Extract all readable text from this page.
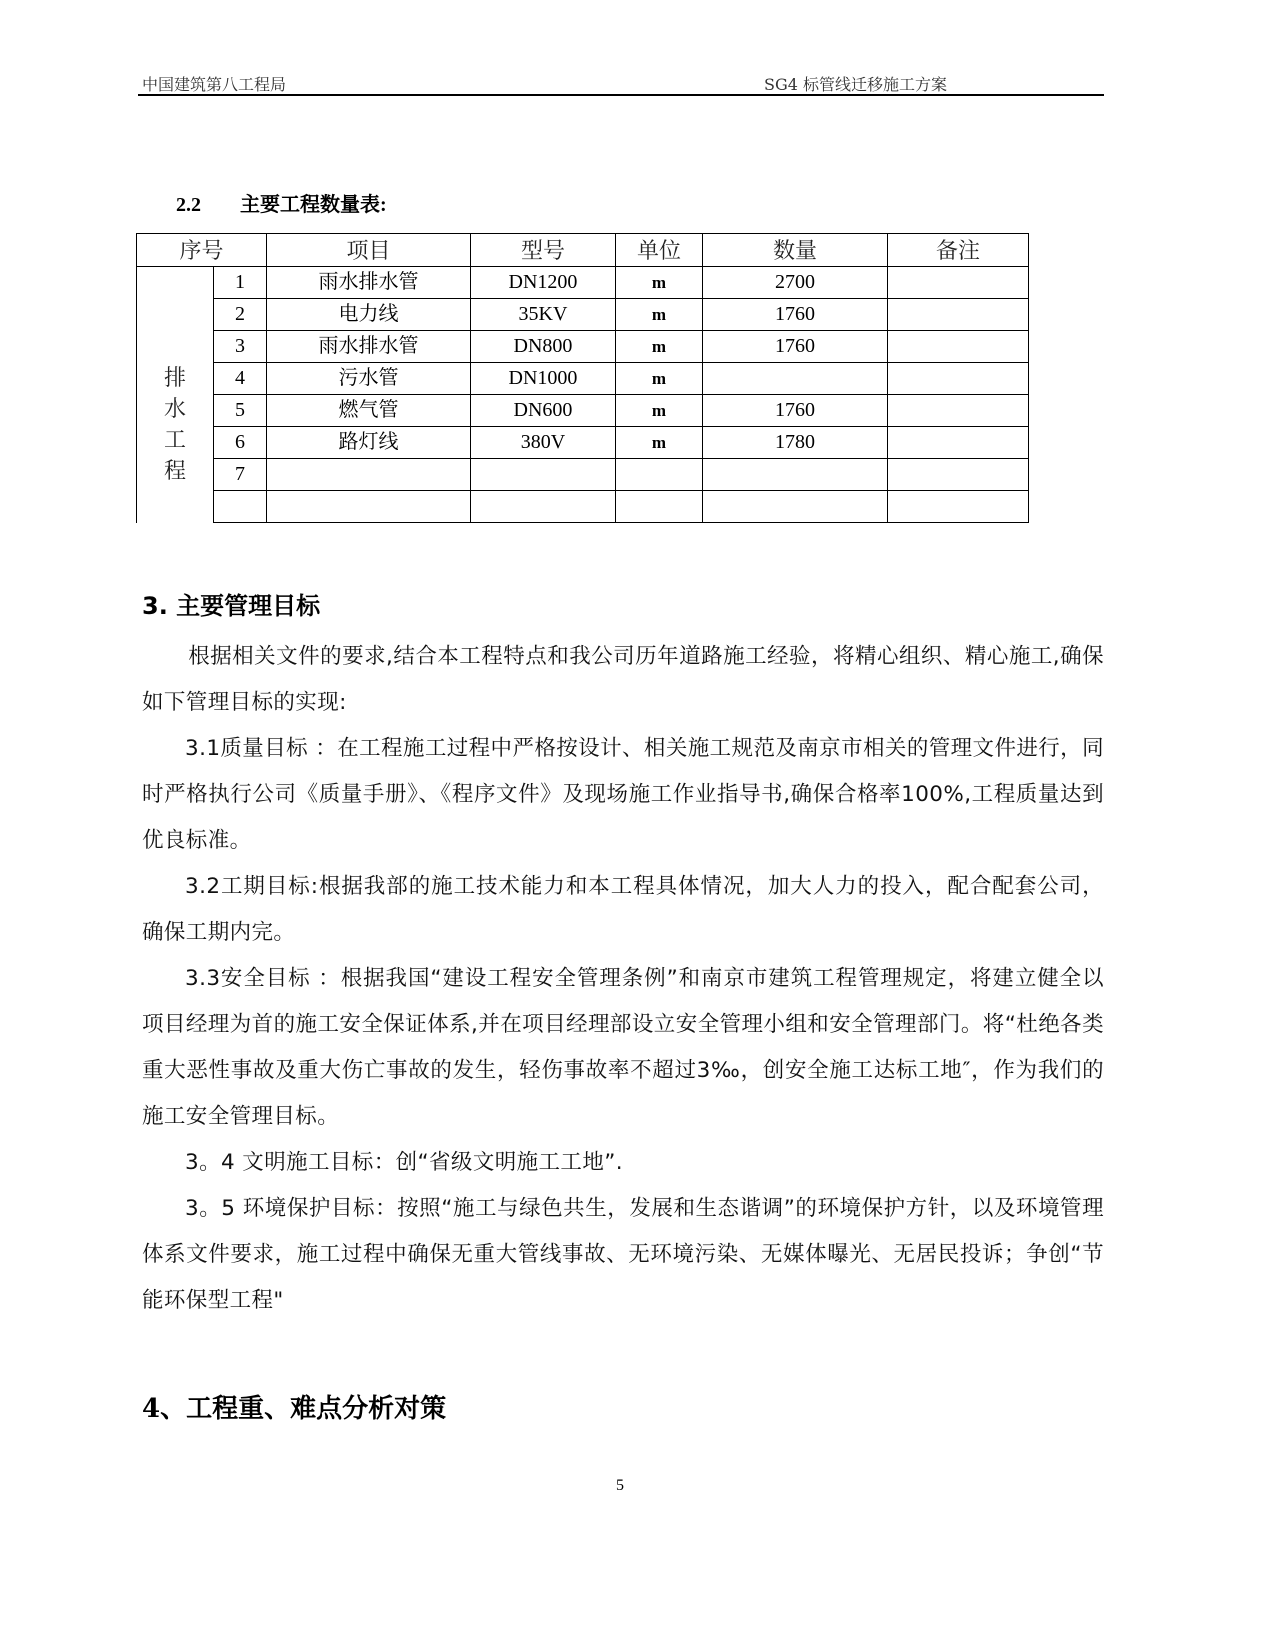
中国建筑第八工程局	SG4 标管线迁移施工方案
2.2 主要工程数量表:
序号		项目	型号	单位	数量	备注

排
水
工
程	1	雨水排水管	DN1200	m	2700	
	2	电力线	35KV	m	1760	
	3	雨水排水管	DN800	m	1760	
	4	污水管	DN1000	m		
	5	燃气管	DN600	m	1760	
	6	路灯线	380V	m	1780	
	7					

3. 主要管理目标

根据相关文件的要求,结合本工程特点和我公司历年道路施工经验，将精心组织、精心施工,确保如下管理目标的实现:

3.1质量目标 ：在工程施工过程中严格按设计、相关施工规范及南京市相关的管理文件进行，同时严格执行公司《质量手册》、《程序文件》及现场施工作业指导书,确保合格率100%,工程质量达到优良标准。

3.2工期目标:根据我部的施工技术能力和本工程具体情况，加大人力的投入，配合配套公司，确保工期内完。

3.3安全目标 ：根据我国“建设工程安全管理条例”和南京市建筑工程管理规定，将建立健全以项目经理为首的施工安全保证体系,并在项目经理部设立安全管理小组和安全管理部门。将“杜绝各类重大恶性事故及重大伤亡事故的发生，轻伤事故率不超过3‰，创安全施工达标工地″，作为我们的施工安全管理目标。

3。4 文明施工目标：创“省级文明施工工地”.

3。5 环境保护目标：按照“施工与绿色共生，发展和生态谐调”的环境保护方针，以及环境管理体系文件要求，施工过程中确保无重大管线事故、无环境污染、无媒体曝光、无居民投诉；争创“节能环保型工程"

4、工程重、难点分析对策
5
